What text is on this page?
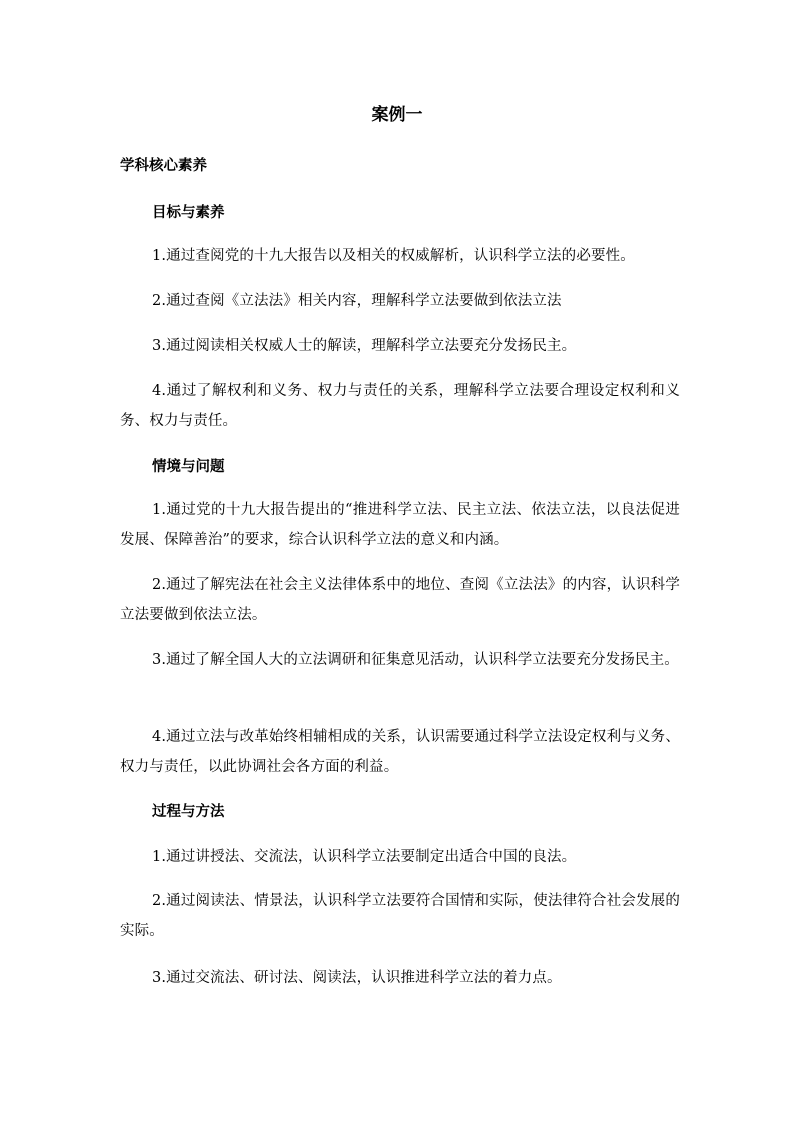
案例一
学科核心素养
目标与素养
1.通过查阅党的十九大报告以及相关的权威解析，认识科学立法的必要性。
2.通过查阅《立法法》相关内容，理解科学立法要做到依法立法
3.通过阅读相关权威人士的解读，理解科学立法要充分发扬民主。
4.通过了解权利和义务、权力与责任的关系，理解科学立法要合理设定权利和义务、权力与责任。
情境与问题
1.通过党的十九大报告提出的“推进科学立法、民主立法、依法立法，以良法促进发展、保障善治”的要求，综合认识科学立法的意义和内涵。
2.通过了解宪法在社会主义法律体系中的地位、查阅《立法法》的内容，认识科学立法要做到依法立法。
3.通过了解全国人大的立法调研和征集意见活动，认识科学立法要充分发扬民主。
4.通过立法与改革始终相辅相成的关系，认识需要通过科学立法设定权利与义务、权力与责任，以此协调社会各方面的利益。
过程与方法
1.通过讲授法、交流法，认识科学立法要制定出适合中国的良法。
2.通过阅读法、情景法，认识科学立法要符合国情和实际，使法律符合社会发展的实际。
3.通过交流法、研讨法、阅读法，认识推进科学立法的着力点。
